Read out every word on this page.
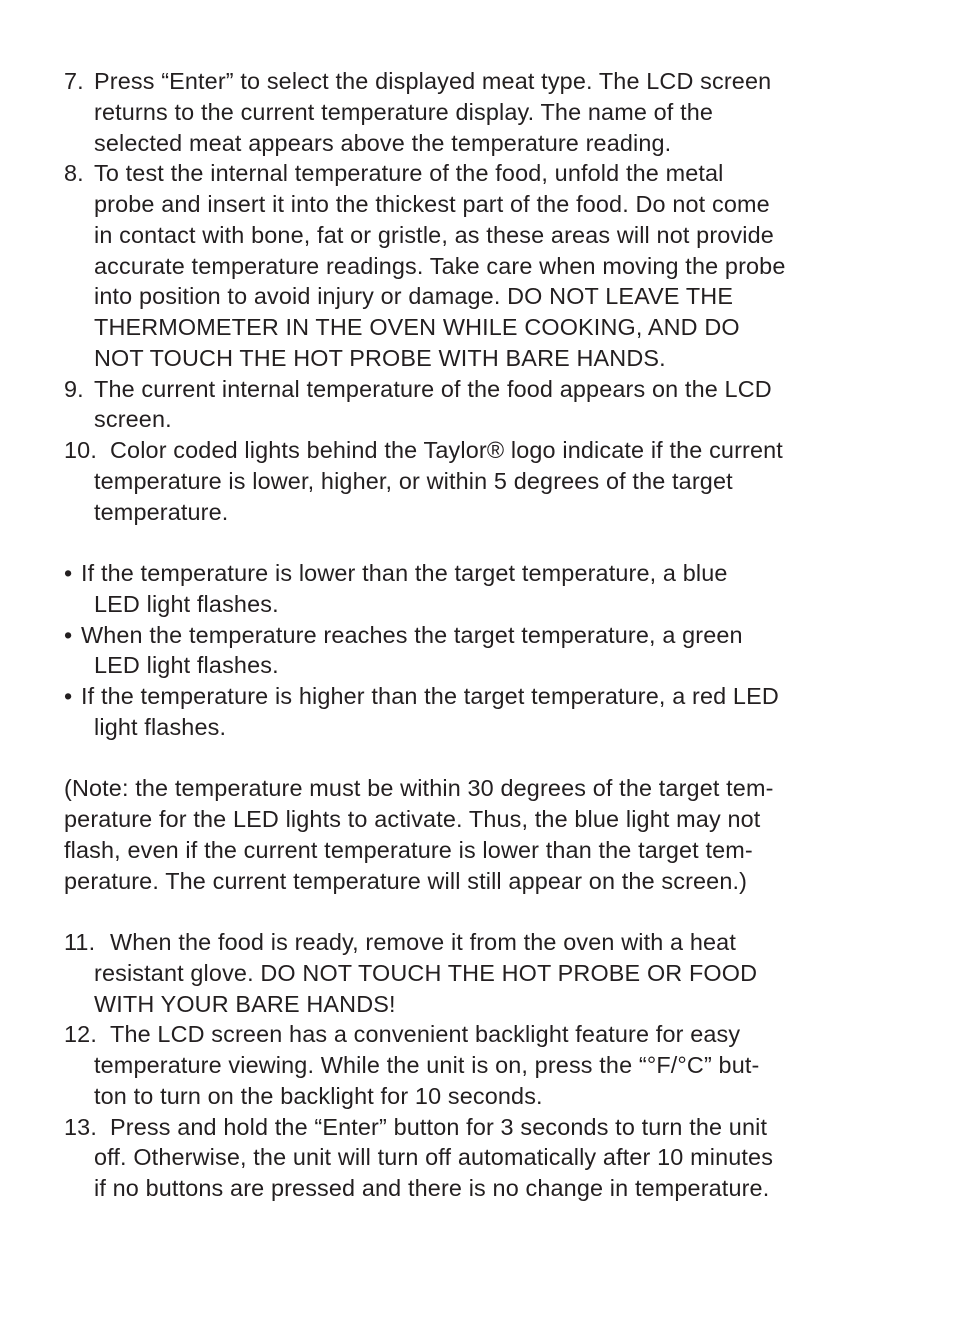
7. Press “Enter” to select the displayed meat type. The LCD screen
returns to the current temperature display. The name of the
selected meat appears above the temperature reading.
8. To test the internal temperature of the food, unfold the metal
probe and insert it into the thickest part of the food. Do not come
in contact with bone, fat or gristle, as these areas will not provide
accurate temperature readings. Take care when moving the probe
into position to avoid injury or damage. DO NOT LEAVE THE
THERMOMETER IN THE OVEN WHILE COOKING, AND DO
NOT TOUCH THE HOT PROBE WITH BARE HANDS.
9. The current internal temperature of the food appears on the LCD
screen.
10. Color coded lights behind the Taylor® logo indicate if the current
temperature is lower, higher, or within 5 degrees of the target
temperature.
• If the temperature is lower than the target temperature, a blue
LED light flashes.
• When the temperature reaches the target temperature, a green
LED light flashes.
• If the temperature is higher than the target temperature, a red LED
light flashes.
(Note: the temperature must be within 30 degrees of the target tem-
perature for the LED lights to activate. Thus, the blue light may not
flash, even if the current temperature is lower than the target tem-
perature. The current temperature will still appear on the screen.)
11. When the food is ready, remove it from the oven with a heat
resistant glove. DO NOT TOUCH THE HOT PROBE OR FOOD
WITH YOUR BARE HANDS!
12. The LCD screen has a convenient backlight feature for easy
temperature viewing. While the unit is on, press the “°F/°C” but-
ton to turn on the backlight for 10 seconds.
13. Press and hold the “Enter” button for 3 seconds to turn the unit
off. Otherwise, the unit will turn off automatically after 10 minutes
if no buttons are pressed and there is no change in temperature.
